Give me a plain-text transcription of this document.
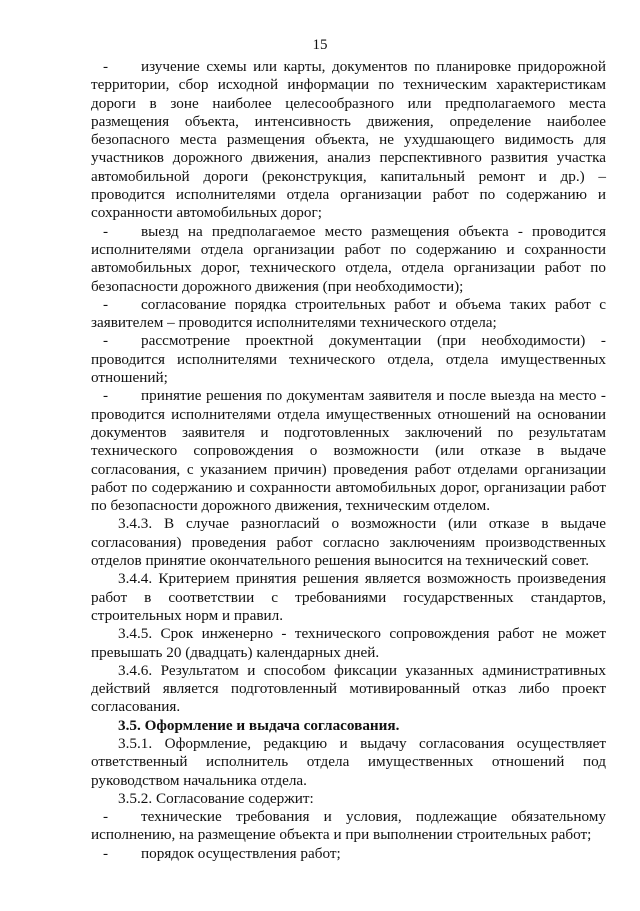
15

- изучение схемы или карты, документов по планировке придорожной территории, сбор исходной информации по техническим характеристикам дороги в зоне наиболее целесообразного или предполагаемого места размещения объекта, интенсивность движения, определение наиболее безопасного места размещения объекта, не ухудшающего видимость для участников дорожного движения, анализ перспективного развития участка автомобильной дороги (реконструкция, капитальный ремонт и др.) – проводится исполнителями отдела организации работ по содержанию и сохранности автомобильных дорог;

- выезд на предполагаемое место размещения объекта - проводится исполнителями отдела организации работ по содержанию и сохранности автомобильных дорог, технического отдела, отдела организации работ по безопасности дорожного движения (при необходимости);

- согласование порядка строительных работ и объема таких работ с заявителем – проводится исполнителями технического отдела;

- рассмотрение проектной документации (при необходимости) - проводится исполнителями технического отдела, отдела имущественных отношений;

- принятие решения по документам заявителя и после выезда на место - проводится исполнителями отдела имущественных отношений на основании документов заявителя и подготовленных заключений по результатам технического сопровождения о возможности (или отказе в выдаче согласования, с указанием причин) проведения работ отделами организации работ по содержанию и сохранности автомобильных дорог, организации работ по безопасности дорожного движения, техническим отделом.

3.4.3. В случае разногласий о возможности (или отказе в выдаче согласования) проведения работ согласно заключениям производственных отделов принятие окончательного решения выносится на технический совет.

3.4.4. Критерием принятия решения является возможность произведения работ в соответствии с требованиями государственных стандартов, строительных норм и правил.

3.4.5. Срок инженерно - технического сопровождения работ не может превышать 20 (двадцать) календарных дней.

3.4.6. Результатом и способом фиксации указанных административных действий является подготовленный мотивированный отказ либо проект согласования.

3.5. Оформление и выдача согласования.

3.5.1. Оформление, редакцию и выдачу согласования осуществляет ответственный исполнитель отдела имущественных отношений под руководством начальника отдела.

3.5.2. Согласование содержит:

- технические требования и условия, подлежащие обязательному исполнению, на размещение объекта и при выполнении строительных работ;

- порядок осуществления работ;
